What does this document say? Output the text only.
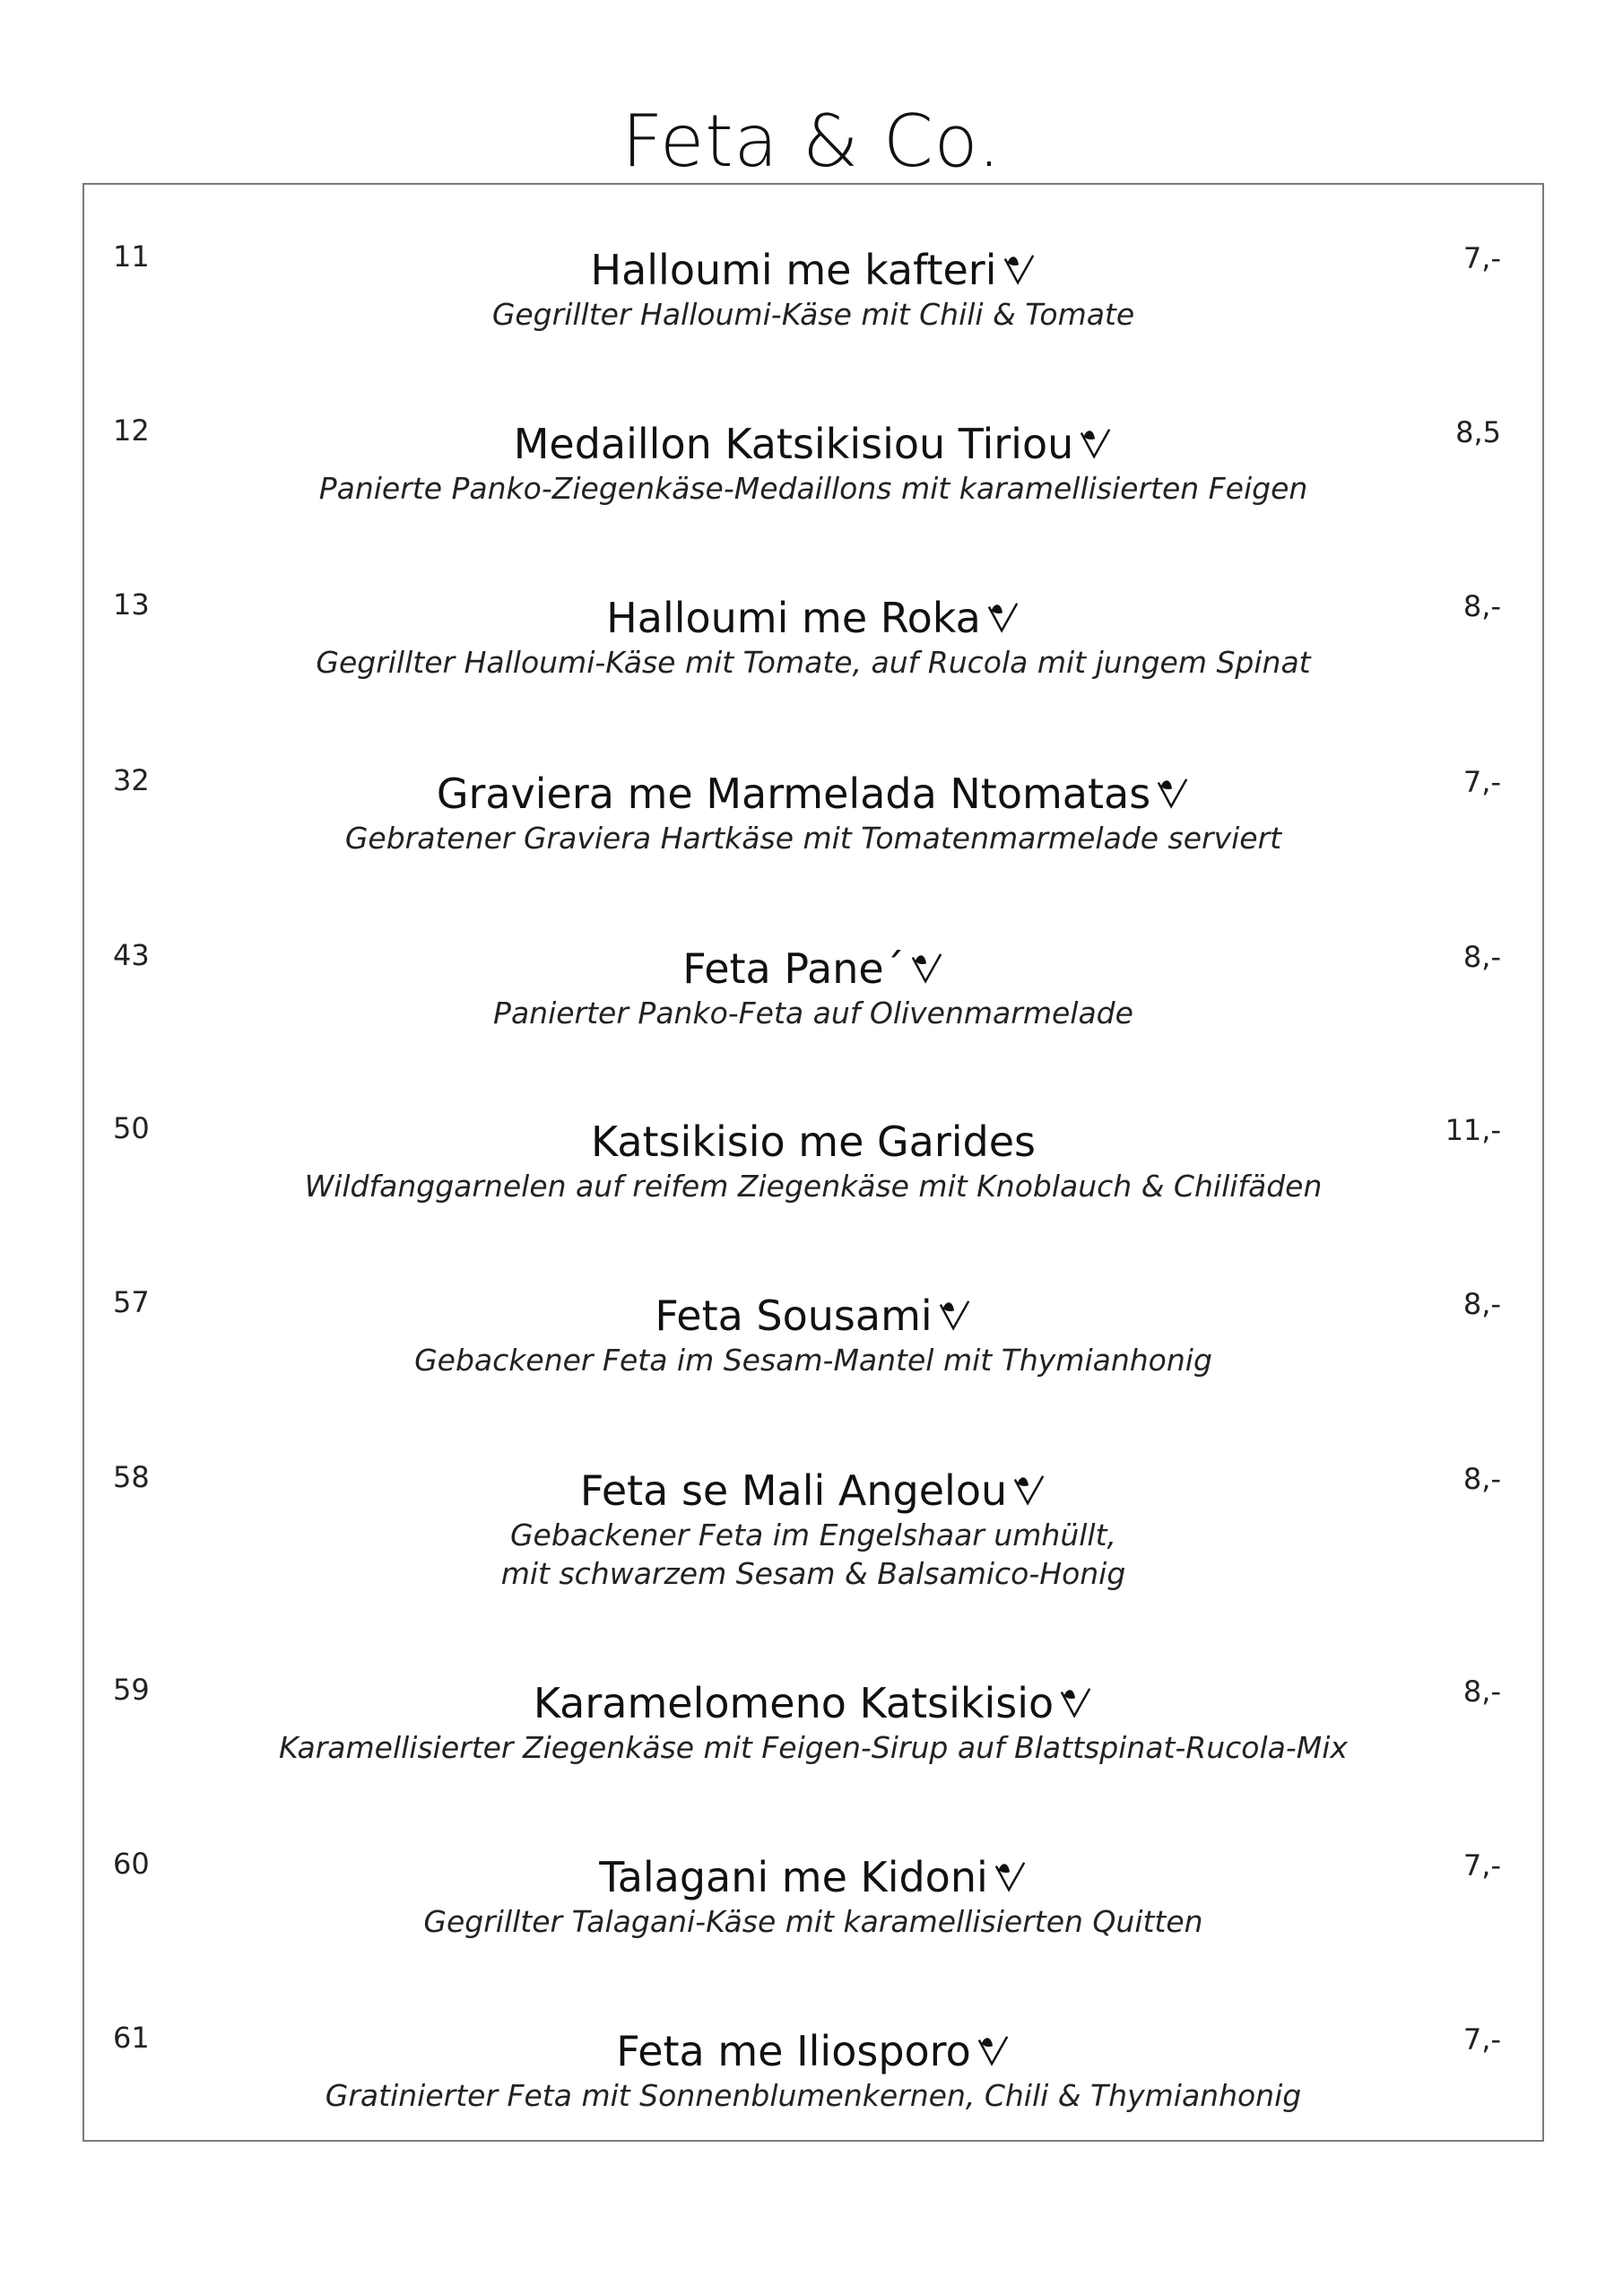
Feta & Co.
11	Halloumi me kafteri
Gegrillter Halloumi-Käse mit Chili & Tomate
7,-
12	Medaillon Katsikisiou Tiriou
Panierte Panko-Ziegenkäse-Medaillons mit karamellisierten Feigen
8,5
13	Halloumi me Roka
Gegrillter Halloumi-Käse mit Tomate, auf Rucola mit jungem Spinat
8,-
32	Graviera me Marmelada Ntomatas
Gebratener Graviera Hartkäse mit Tomatenmarmelade serviert
7,-
43	Feta Pane´
Panierter Panko-Feta auf Olivenmarmelade
8,-
50	Katsikisio me Garides
Wildfanggarnelen auf reifem Ziegenkäse mit Knoblauch & Chilifäden
11,-
57	Feta Sousami
Gebackener Feta im Sesam-Mantel mit Thymianhonig
8,-
58	Feta se Mali Angelou
Gebackener Feta im Engelshaar umhüllt,
mit schwarzem Sesam & Balsamico-Honig
8,-
59	Karamelomeno Katsikisio
Karamellisierter Ziegenkäse mit Feigen-Sirup auf Blattspinat-Rucola-Mix
8,-
60	Talagani me Kidoni
Gegrillter Talagani-Käse mit karamellisierten Quitten
7,-
61	Feta me Iliosporo
Gratinierter Feta mit Sonnenblumenkernen, Chili & Thymianhonig
7,-
